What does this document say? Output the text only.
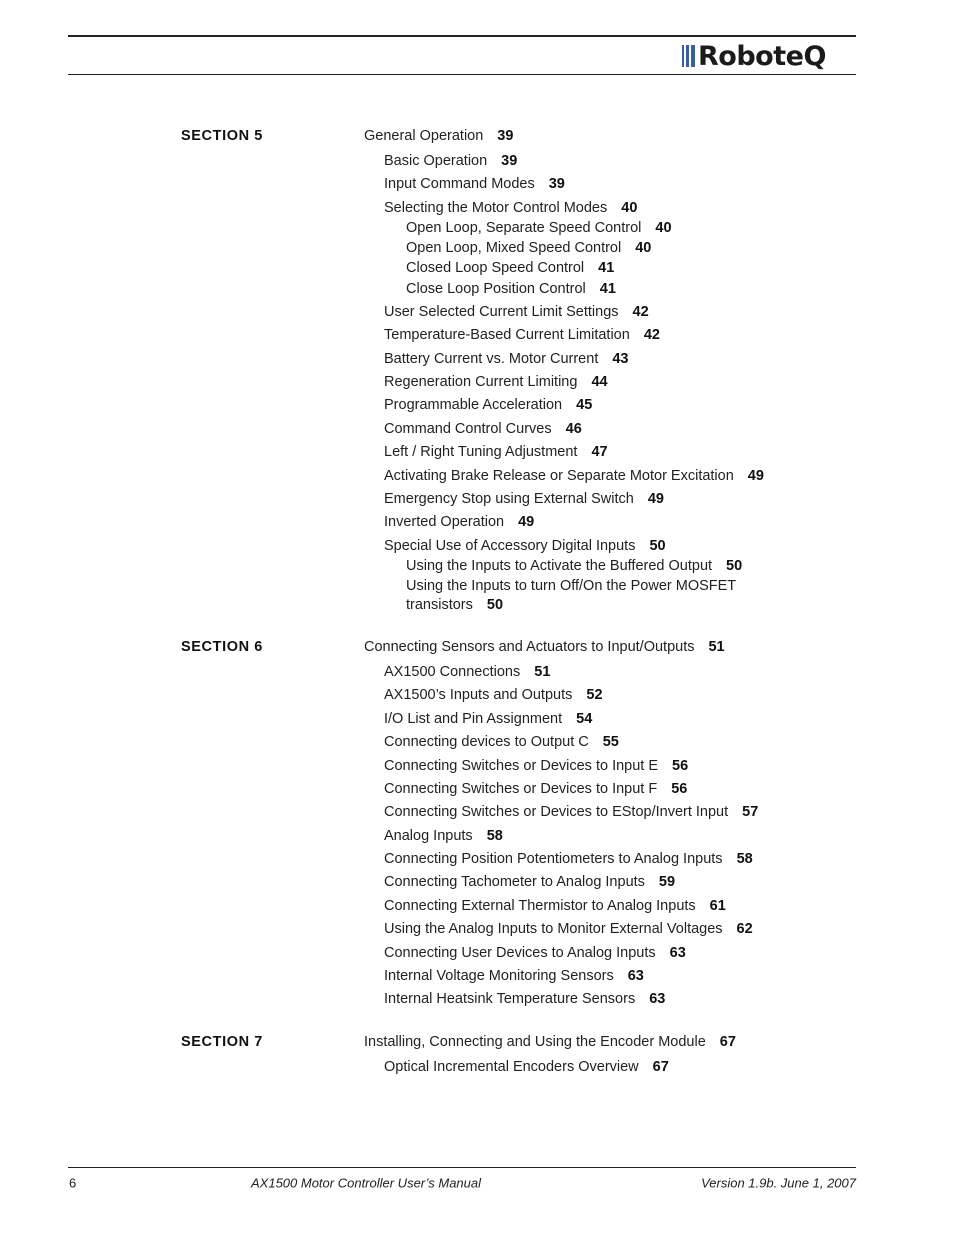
RoboteQ
SECTION 5	General Operation 39
Basic Operation 39
Input Command Modes 39
Selecting the Motor Control Modes 40
Open Loop, Separate Speed Control 40
Open Loop, Mixed Speed Control 40
Closed Loop Speed Control 41
Close Loop Position Control 41
User Selected Current Limit Settings 42
Temperature-Based Current Limitation 42
Battery Current vs. Motor Current 43
Regeneration Current Limiting 44
Programmable Acceleration 45
Command Control Curves 46
Left / Right Tuning Adjustment 47
Activating Brake Release or Separate Motor Excitation 49
Emergency Stop using External Switch 49
Inverted Operation 49
Special Use of Accessory Digital Inputs 50
Using the Inputs to Activate the Buffered Output 50
Using the Inputs to turn Off/On the Power MOSFET
transistors 50
SECTION 6	Connecting Sensors and Actuators to Input/Outputs 51
AX1500 Connections 51
AX1500’s Inputs and Outputs 52
I/O List and Pin Assignment 54
Connecting devices to Output C 55
Connecting Switches or Devices to Input E 56
Connecting Switches or Devices to Input F 56
Connecting Switches or Devices to EStop/Invert Input 57
Analog Inputs 58
Connecting Position Potentiometers to Analog Inputs 58
Connecting Tachometer to Analog Inputs 59
Connecting External Thermistor to Analog Inputs 61
Using the Analog Inputs to Monitor External Voltages 62
Connecting User Devices to Analog Inputs 63
Internal Voltage Monitoring Sensors 63
Internal Heatsink Temperature Sensors 63
SECTION 7	Installing, Connecting and Using the Encoder Module 67
Optical Incremental Encoders Overview 67
6	AX1500 Motor Controller User’s Manual	Version 1.9b. June 1, 2007
